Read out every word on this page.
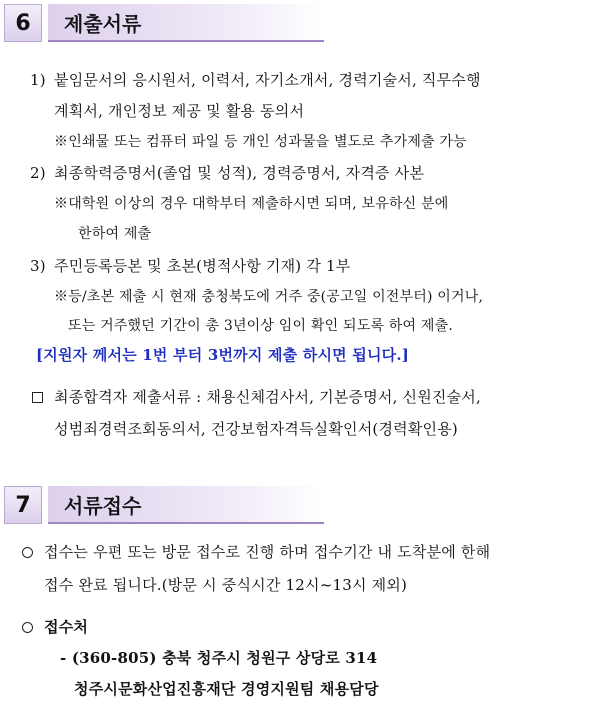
6	제출서류
1) 붙임문서의 응시원서, 이력서, 자기소개서, 경력기술서, 직무수행
계획서, 개인정보 제공 및 활용 동의서
※인쇄물 또는 컴퓨터 파일 등 개인 성과물을 별도로 추가제출 가능
2) 최종학력증명서(졸업 및 성적), 경력증명서, 자격증 사본
※대학원 이상의 경우 대학부터 제출하시면 되며, 보유하신 분에
한하여 제출
3) 주민등록등본 및 초본(병적사항 기재) 각 1부
※등/초본 제출 시 현재 충청북도에 거주 중(공고일 이전부터) 이거나,
또는 거주했던 기간이 총 3년이상 임이 확인 되도록 하여 제출.
[지원자 께서는 1번 부터 3번까지 제출 하시면 됩니다.]
최종합격자 제출서류 : 채용신체검사서, 기본증명서, 신원진술서,
성범죄경력조회동의서, 건강보험자격득실확인서(경력확인용)
7	서류접수
접수는 우편 또는 방문 접수로 진행 하며 접수기간 내 도착분에 한해
접수 완료 됩니다.(방문 시 중식시간 12시~13시 제외)
접수처
- (360-805) 충북 청주시 청원구 상당로 314
청주시문화산업진흥재단 경영지원팀 채용담당
